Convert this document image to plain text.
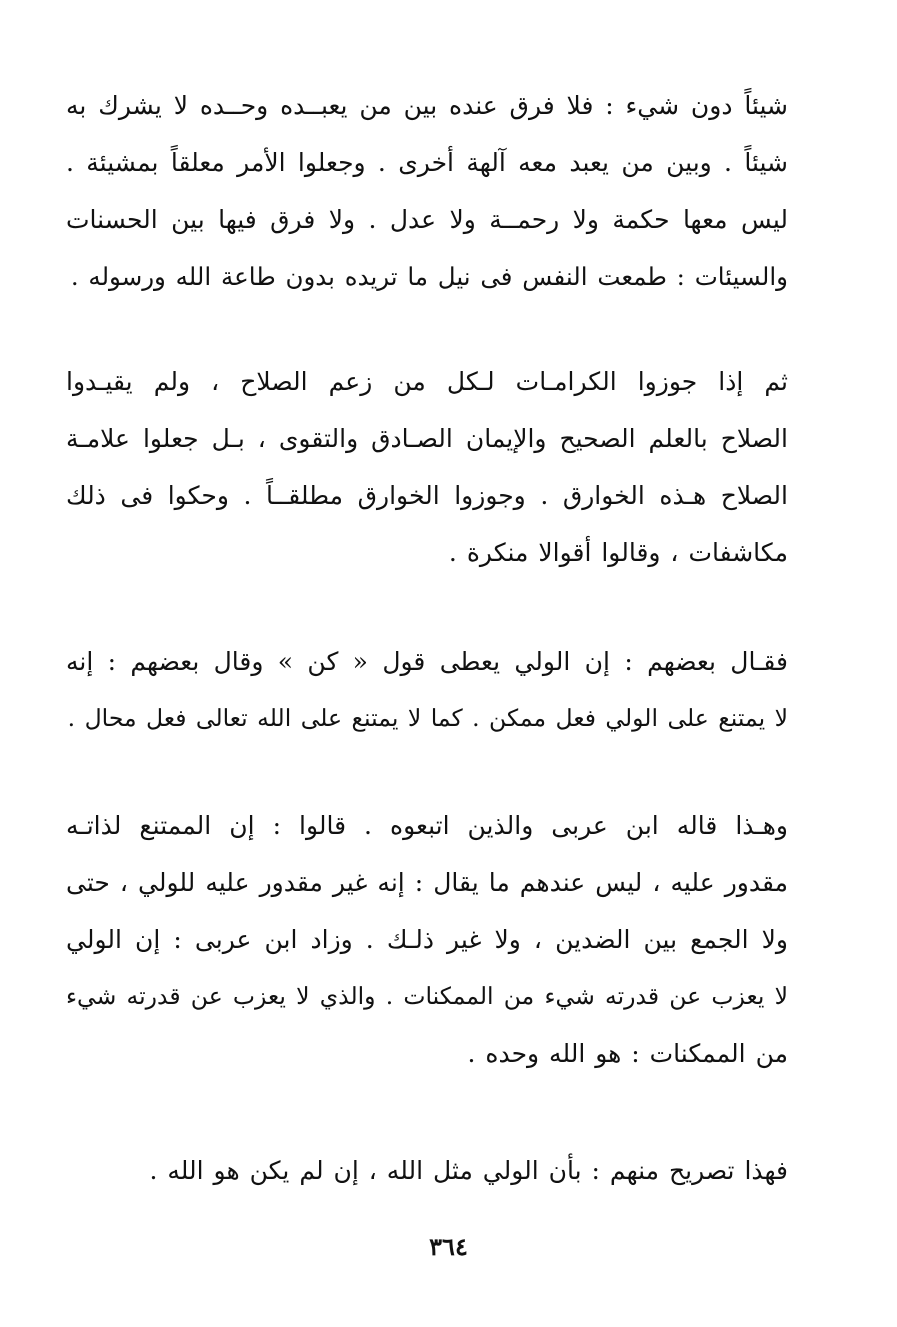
شيئاً دون شيء : فلا فرق عنده بين من يعبــده وحــده لا يشرك به
شيئاً . وبين من يعبد معه آلهة أخرى . وجعلوا الأمر معلقاً بمشيئة .
ليس معها حكمة ولا رحمــة ولا عدل . ولا فرق فيها بين الحسنات
والسيئات : طمعت النفس فى نيل ما تريده بدون طاعة الله ورسوله .
ثم إذا جوزوا الكرامـات لـكل من زعم الصلاح ، ولم يقيـدوا
الصلاح بالعلم الصحيح والإيمان الصـادق والتقوى ، بـل جعلوا علامـة
الصلاح هـذه الخوارق . وجوزوا الخوارق مطلقــاً . وحكوا فى ذلك
مكاشفات ، وقالوا أقوالا منكرة .
فقـال بعضهم : إن الولي يعطى قول « كن » وقال بعضهم : إنه
لا يمتنع على الولي فعل ممكن . كما لا يمتنع على الله تعالى فعل محال .
وهـذا قاله ابن عربى والذين اتبعوه . قالوا : إن الممتنع لذاتـه
مقدور عليه ، ليس عندهم ما يقال : إنه غير مقدور عليه للولي ، حتى
ولا الجمع بين الضدين ، ولا غير ذلـك . وزاد ابن عربى : إن الولي
لا يعزب عن قدرته شيء من الممكنات . والذي لا يعزب عن قدرته شيء
من الممكنات : هو الله وحده .
فهذا تصريح منهم : بأن الولي مثل الله ، إن لم يكن هو الله .
٣٦٤
